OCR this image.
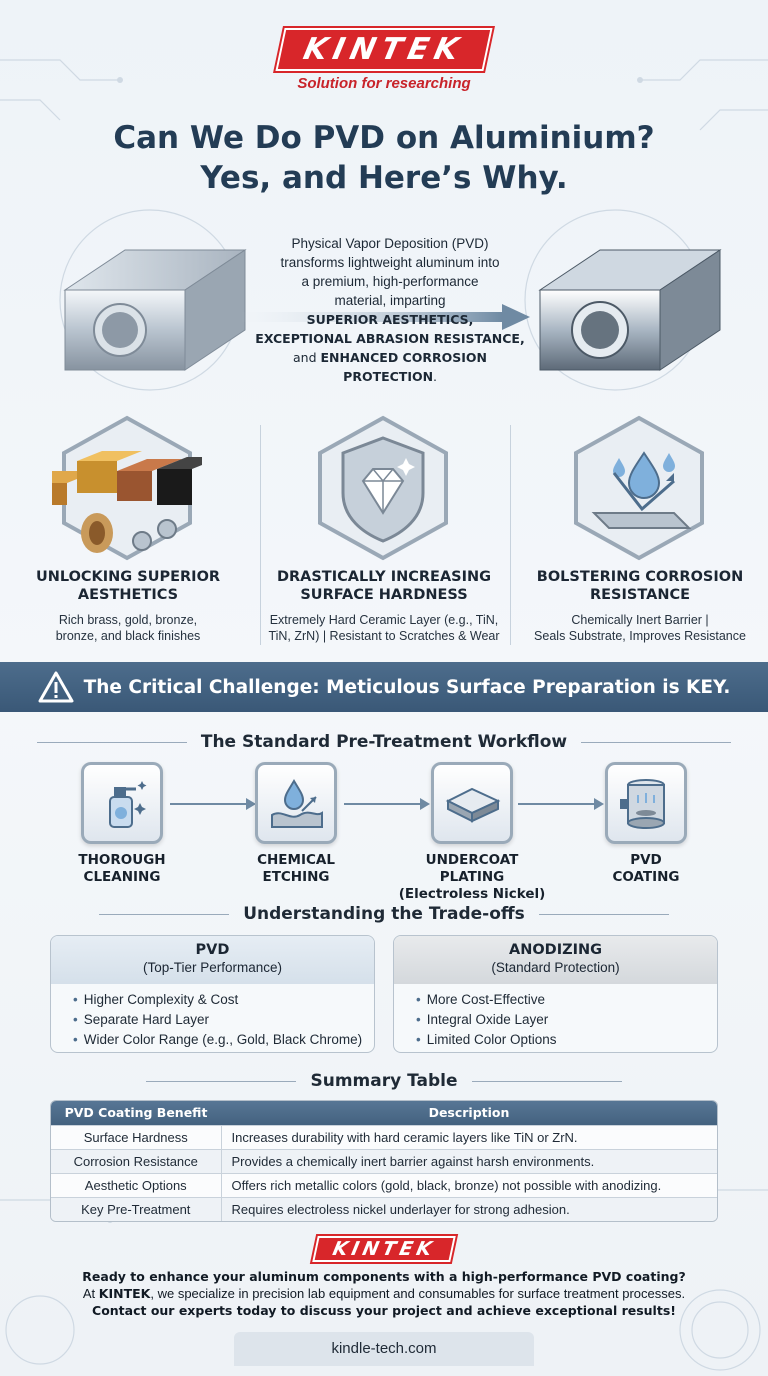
KINTEK
Solution for researching
Can We Do PVD on Aluminium?
Yes, and Here’s Why.
Physical Vapor Deposition (PVD)
transforms lightweight aluminum into
a premium, high-performance
material, imparting
SUPERIOR AESTHETICS,
EXCEPTIONAL ABRASION RESISTANCE,
and ENHANCED CORROSION PROTECTION.
UNLOCKING SUPERIOR
AESTHETICS
Rich brass, gold, bronze,
bronze, and black finishes
DRASTICALLY INCREASING
SURFACE HARDNESS
Extremely Hard Ceramic Layer (e.g., TiN,
TiN, ZrN) | Resistant to Scratches & Wear
BOLSTERING CORROSION
RESISTANCE
Chemically Inert Barrier |
Seals Substrate, Improves Resistance
The Critical Challenge: Meticulous Surface Preparation is KEY.
The Standard Pre-Treatment Workflow
THOROUGH
CLEANING
CHEMICAL
ETCHING
UNDERCOAT PLATING
(Electroless Nickel)
PVD
COATING
Understanding the Trade-offs
PVD
(Top-Tier Performance)
• Higher Complexity & Cost
• Separate Hard Layer
• Wider Color Range (e.g., Gold, Black Chrome)
ANODIZING
(Standard Protection)
• More Cost-Effective
• Integral Oxide Layer
• Limited Color Options
Summary Table
PVD Coating Benefit	Description
Surface Hardness	Increases durability with hard ceramic layers like TiN or ZrN.
Corrosion Resistance	Provides a chemically inert barrier against harsh environments.
Aesthetic Options	Offers rich metallic colors (gold, black, bronze) not possible with anodizing.
Key Pre-Treatment	Requires electroless nickel underlayer for strong adhesion.
KINTEK
Ready to enhance your aluminum components with a high-performance PVD coating?
At KINTEK, we specialize in precision lab equipment and consumables for surface treatment processes.
Contact our experts today to discuss your project and achieve exceptional results!
kindle-tech.com
